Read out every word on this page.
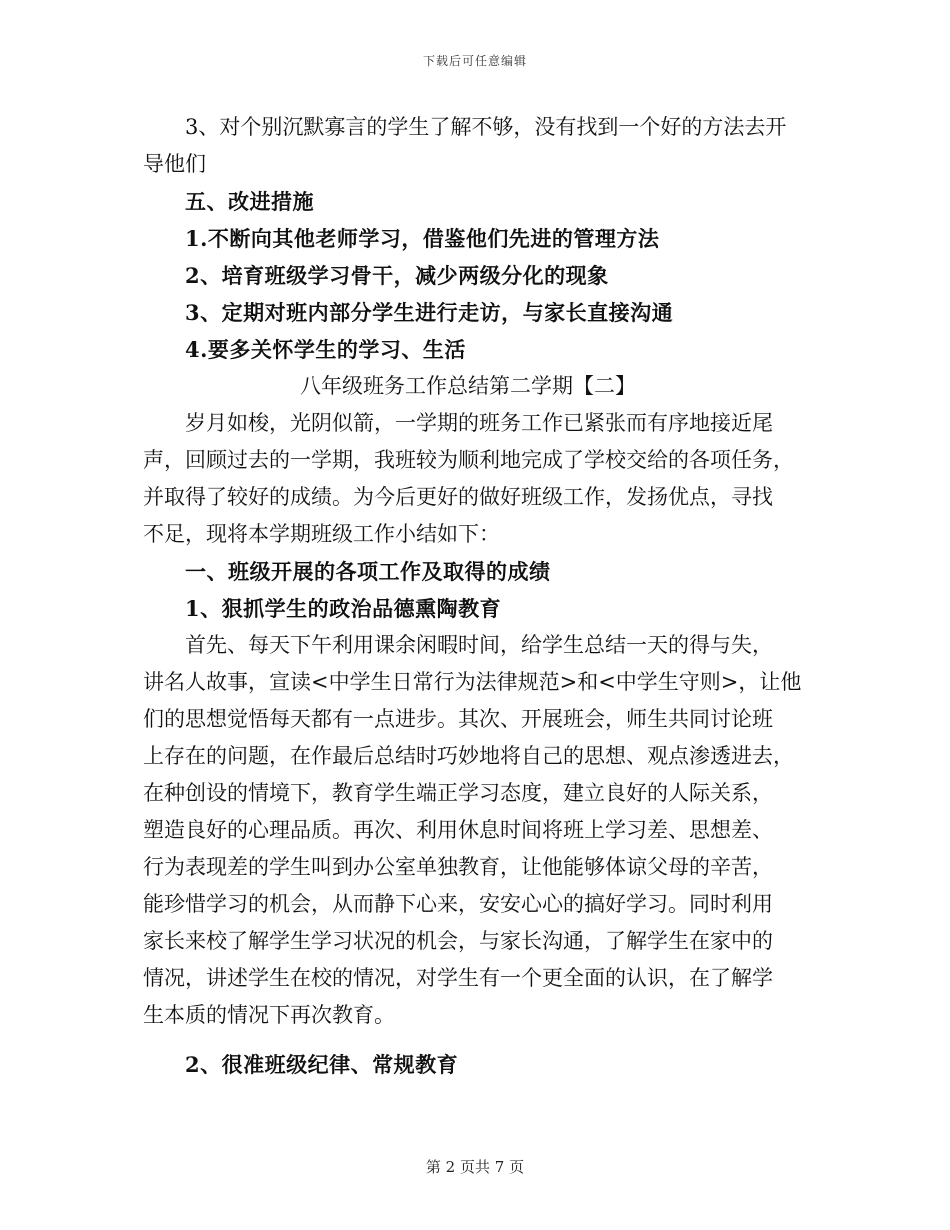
下载后可任意编辑
3、对个别沉默寡言的学生了解不够，没有找到一个好的方法去开
导他们
五、改进措施
1.不断向其他老师学习，借鉴他们先进的管理方法
2、培育班级学习骨干，减少两级分化的现象
3、定期对班内部分学生进行走访，与家长直接沟通
4.要多关怀学生的学习、生活
八年级班务工作总结第二学期【二】
岁月如梭，光阴似箭，一学期的班务工作已紧张而有序地接近尾
声，回顾过去的一学期，我班较为顺利地完成了学校交给的各项任务，
并取得了较好的成绩。为今后更好的做好班级工作，发扬优点，寻找
不足，现将本学期班级工作小结如下：
一、班级开展的各项工作及取得的成绩
1、狠抓学生的政治品德熏陶教育
首先、每天下午利用课余闲暇时间，给学生总结一天的得与失，
讲名人故事，宣读<中学生日常行为法律规范>和<中学生守则>，让他
们的思想觉悟每天都有一点进步。其次、开展班会，师生共同讨论班
上存在的问题，在作最后总结时巧妙地将自己的思想、观点渗透进去，
在种创设的情境下，教育学生端正学习态度，建立良好的人际关系，
塑造良好的心理品质。再次、利用休息时间将班上学习差、思想差、
行为表现差的学生叫到办公室单独教育，让他能够体谅父母的辛苦，
能珍惜学习的机会，从而静下心来，安安心心的搞好学习。同时利用
家长来校了解学生学习状况的机会，与家长沟通，了解学生在家中的
情况，讲述学生在校的情况，对学生有一个更全面的认识，在了解学
生本质的情况下再次教育。
2、很准班级纪律、常规教育
第 2 页共 7 页
